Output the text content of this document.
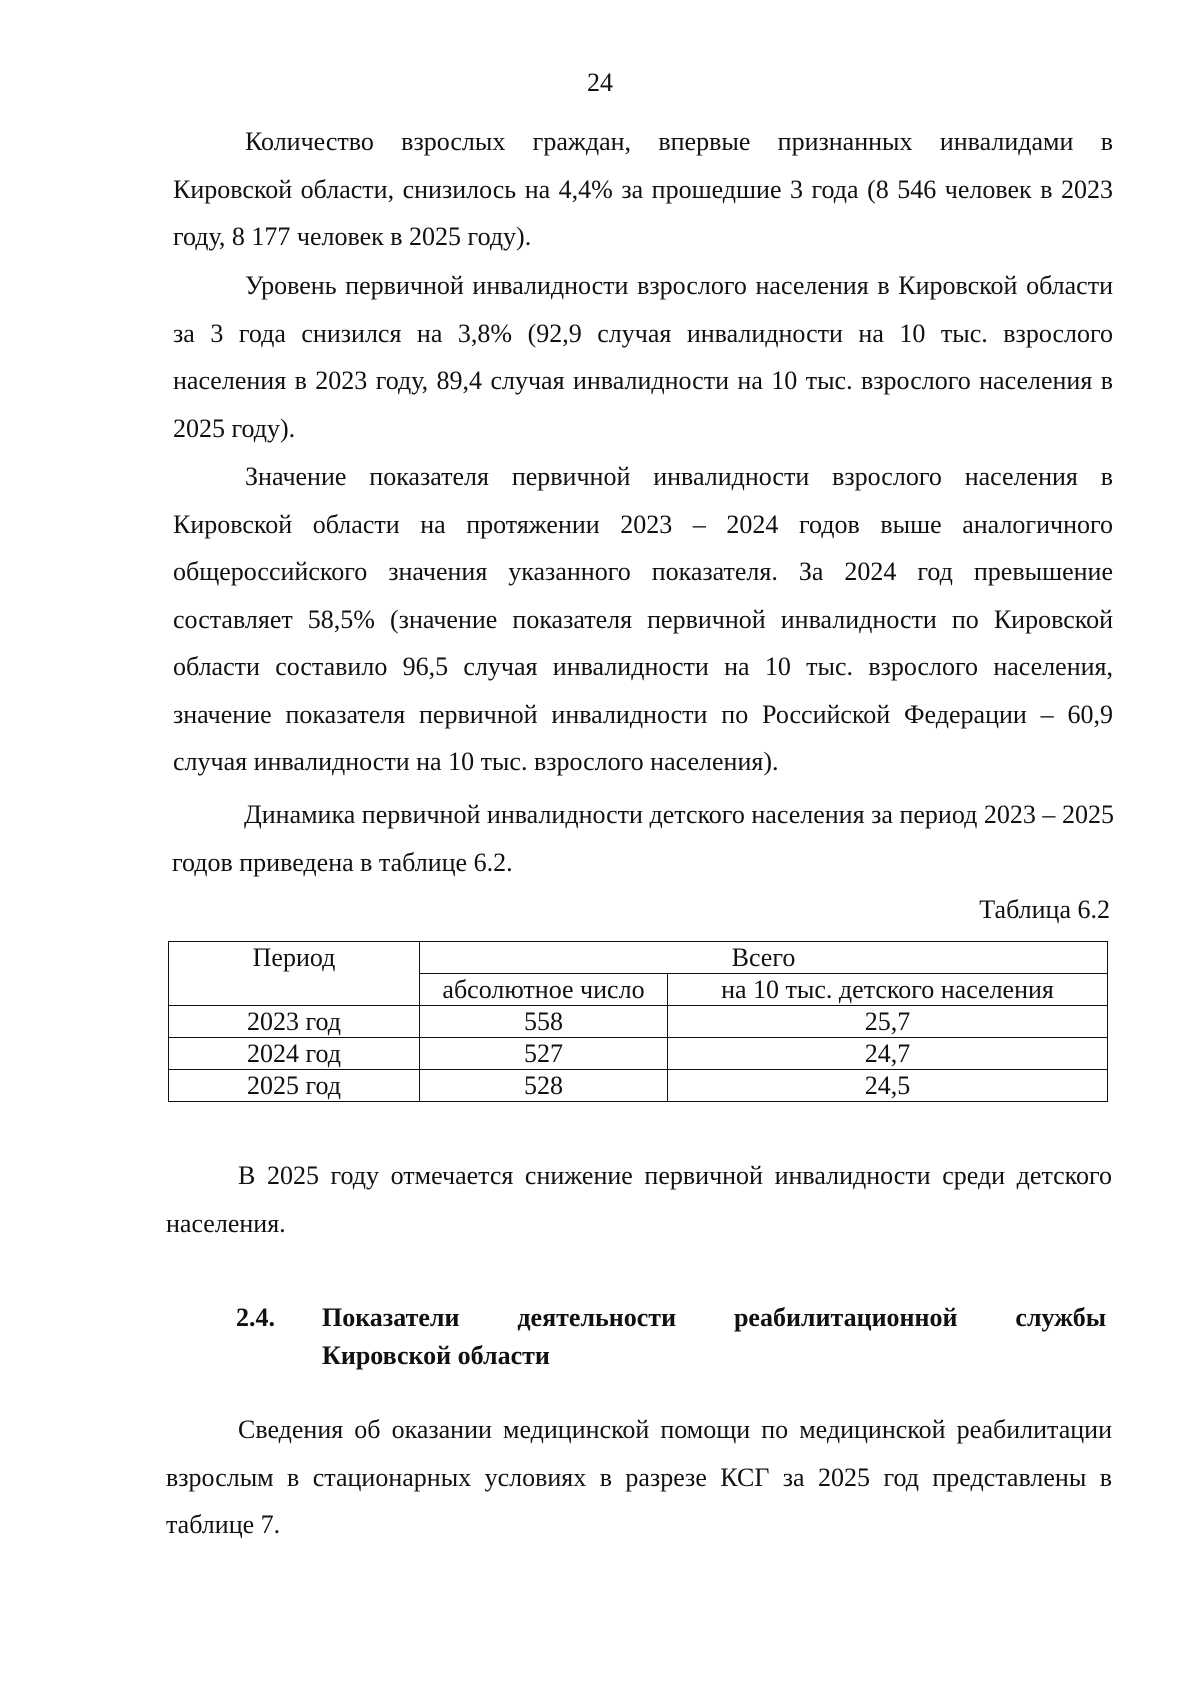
24

Количество взрослых граждан, впервые признанных инвалидами в Кировской области, снизилось на 4,4% за прошедшие 3 года (8 546 человек в 2023 году, 8 177 человек в 2025 году).

Уровень первичной инвалидности взрослого населения в Кировской области за 3 года снизился на 3,8% (92,9 случая инвалидности на 10 тыс. взрослого населения в 2023 году, 89,4 случая инвалидности на 10 тыс. взрослого населения в 2025 году).

Значение показателя первичной инвалидности взрослого населения в Кировской области на протяжении 2023 – 2024 годов выше аналогичного общероссийского значения указанного показателя. За 2024 год превышение составляет 58,5% (значение показателя первичной инвалидности по Кировской области составило 96,5 случая инвалидности на 10 тыс. взрослого населения, значение показателя первичной инвалидности по Российской Федерации – 60,9 случая инвалидности на 10 тыс. взрослого населения).

Динамика первичной инвалидности детского населения за период 2023 – 2025 годов приведена в таблице 6.2.

Таблица 6.2
Период	Всего	
	абсолютное число	на 10 тыс. детского населения
2023 год	558	25,7
2024 год	527	24,7
2025 год	528	24,5

В 2025 году отмечается снижение первичной инвалидности среди детского населения.

2.4. Показатели деятельности реабилитационной службы
Кировской области

Сведения об оказании медицинской помощи по медицинской реабилитации взрослым в стационарных условиях в разрезе КСГ за 2025 год представлены в таблице 7.
